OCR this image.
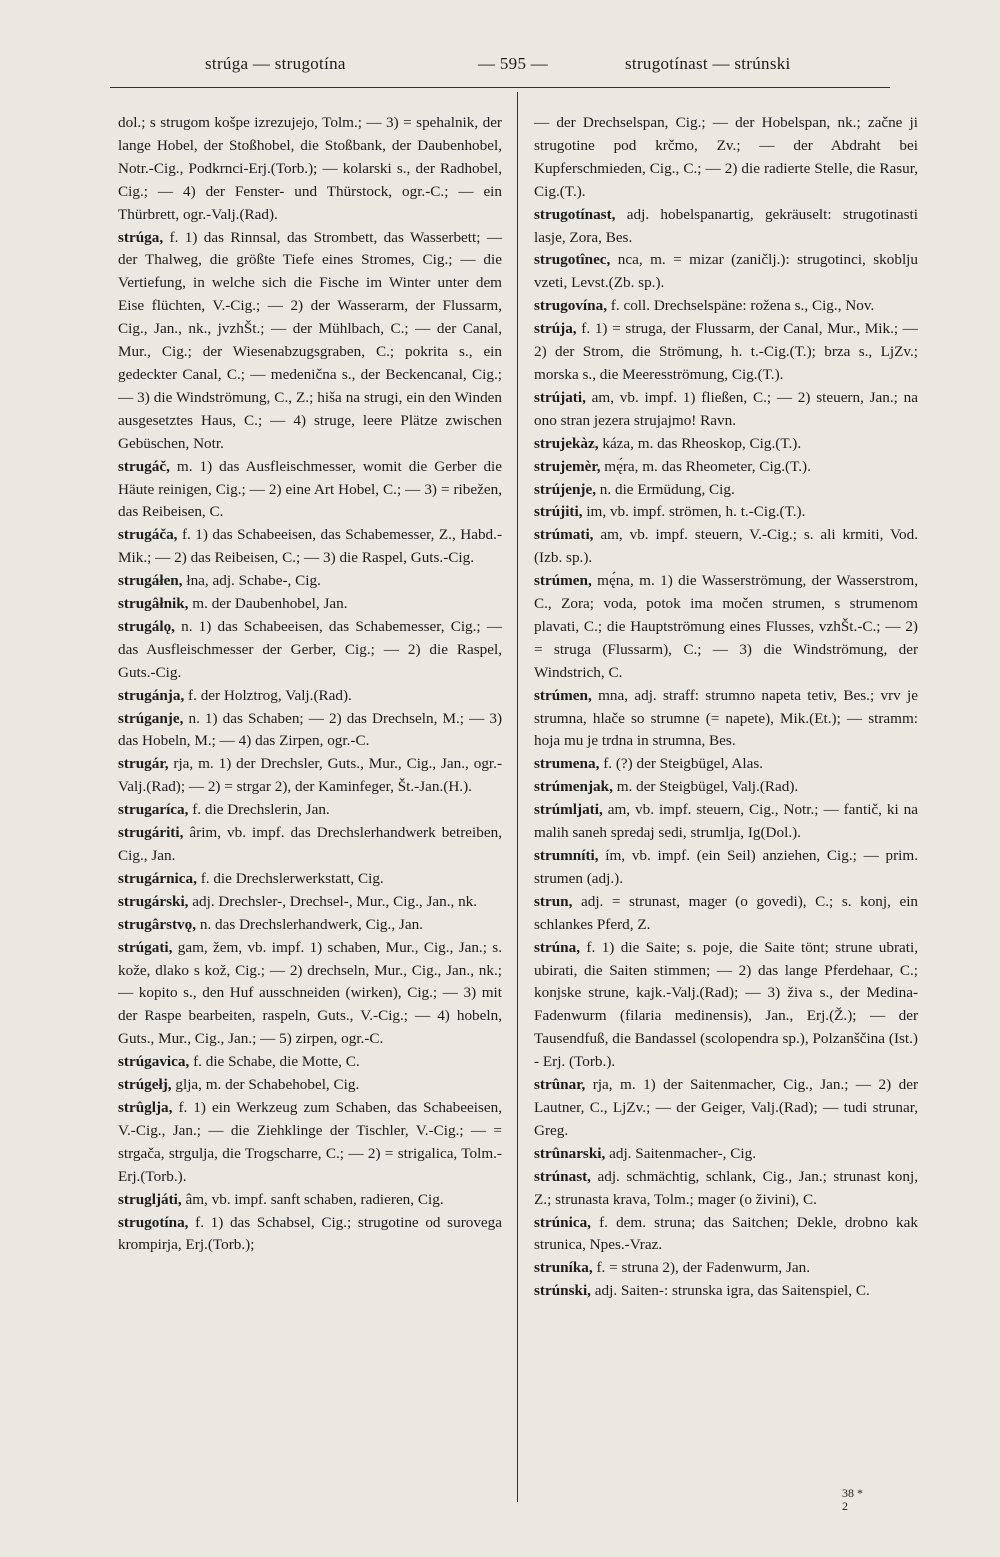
strúga — strugotína	— 595 —	strugotínast — strúnski

dol.; s strugom košpe izrezujejo, Tolm.; — 3) = spehalnik, der lange Hobel, der Stoßhobel, die Stoßbank, der Daubenhobel, Notr.-Cig., Podkrnci-Erj.(Torb.); — kolarski s., der Radhobel, Cig.; — 4) der Fenster- und Thürstock, ogr.-C.; — ein Thürbrett, ogr.-Valj.(Rad).

strúga, f. 1) das Rinnsal, das Strombett, das Wasserbett; — der Thalweg, die größte Tiefe eines Stromes, Cig.; — die Vertiefung, in welche sich die Fische im Winter unter dem Eise flüchten, V.-Cig.; — 2) der Wasserarm, der Flussarm, Cig., Jan., nk., jvzhŠt.; — der Mühlbach, C.; — der Canal, Mur., Cig.; der Wiesenabzugsgraben, C.; pokrita s., ein gedeckter Canal, C.; — medenična s., der Beckencanal, Cig.; — 3) die Windströmung, C., Z.; hiša na strugi, ein den Winden ausgesetztes Haus, C.; — 4) struge, leere Plätze zwischen Gebüschen, Notr.

strugáč, m. 1) das Ausfleischmesser, womit die Gerber die Häute reinigen, Cig.; — 2) eine Art Hobel, C.; — 3) = ribežen, das Reibeisen, C.

strugáča, f. 1) das Schabeeisen, das Schabemesser, Z., Habd.-Mik.; — 2) das Reibeisen, C.; — 3) die Raspel, Guts.-Cig.

strugáłen, łna, adj. Schabe-, Cig.

strugâłnik, m. der Daubenhobel, Jan.

strugálǫ, n. 1) das Schabeeisen, das Schabemesser, Cig.; — das Ausfleischmesser der Gerber, Cig.; — 2) die Raspel, Guts.-Cig.

strugánja, f. der Holztrog, Valj.(Rad).

strúganje, n. 1) das Schaben; — 2) das Drechseln, M.; — 3) das Hobeln, M.; — 4) das Zirpen, ogr.-C.

strugár, rja, m. 1) der Drechsler, Guts., Mur., Cig., Jan., ogr.-Valj.(Rad); — 2) = strgar 2), der Kaminfeger, Št.-Jan.(H.).

strugaríca, f. die Drechslerin, Jan.

strugáriti, ârim, vb. impf. das Drechslerhandwerk betreiben, Cig., Jan.

strugárnica, f. die Drechslerwerkstatt, Cig.

strugárski, adj. Drechsler-, Drechsel-, Mur., Cig., Jan., nk.

strugârstvǫ, n. das Drechslerhandwerk, Cig., Jan.

strúgati, gam, žem, vb. impf. 1) schaben, Mur., Cig., Jan.; s. kože, dlako s kož, Cig.; — 2) drechseln, Mur., Cig., Jan., nk.; — kopito s., den Huf ausschneiden (wirken), Cig.; — 3) mit der Raspe bearbeiten, raspeln, Guts., V.-Cig.; — 4) hobeln, Guts., Mur., Cig., Jan.; — 5) zirpen, ogr.-C.

strúgavica, f. die Schabe, die Motte, C.

strúgełj, glja, m. der Schabehobel, Cig.

strûglja, f. 1) ein Werkzeug zum Schaben, das Schabeeisen, V.-Cig., Jan.; — die Ziehklinge der Tischler, V.-Cig.; — = strgača, strgulja, die Trogscharre, C.; — 2) = strigalica, Tolm.-Erj.(Torb.).

strugljáti, âm, vb. impf. sanft schaben, radieren, Cig.

strugotína, f. 1) das Schabsel, Cig.; strugotine od surovega krompirja, Erj.(Torb.);

— der Drechselspan, Cig.; — der Hobelspan, nk.; začne ji strugotine pod krčmo, Zv.; — der Abdraht bei Kupferschmieden, Cig., C.; — 2) die radierte Stelle, die Rasur, Cig.(T.).

strugotínast, adj. hobelspanartig, gekräuselt: strugotinasti lasje, Zora, Bes.

strugotînec, nca, m. = mizar (zaničlj.): strugotinci, skoblju vzeti, Levst.(Zb. sp.).

strugovína, f. coll. Drechselspäne: rožena s., Cig., Nov.

strúja, f. 1) = struga, der Flussarm, der Canal, Mur., Mik.; — 2) der Strom, die Strömung, h. t.-Cig.(T.); brza s., LjZv.; morska s., die Meeresströmung, Cig.(T.).

strújati, am, vb. impf. 1) fließen, C.; — 2) steuern, Jan.; na ono stran jezera strujajmo! Ravn.

strujekàz, káza, m. das Rheoskop, Cig.(T.).

strujemèr, mę́ra, m. das Rheometer, Cig.(T.).

strújenje, n. die Ermüdung, Cig.

strújiti, im, vb. impf. strömen, h. t.-Cig.(T.).

strúmati, am, vb. impf. steuern, V.-Cig.; s. ali krmiti, Vod.(Izb. sp.).

strúmen, mę́na, m. 1) die Wasserströmung, der Wasserstrom, C., Zora; voda, potok ima močen strumen, s strumenom plavati, C.; die Hauptströmung eines Flusses, vzhŠt.-C.; — 2) = struga (Flussarm), C.; — 3) die Windströmung, der Windstrich, C.

strúmen, mna, adj. straff: strumno napeta tetiv, Bes.; vrv je strumna, hlače so strumne (= napete), Mik.(Et.); — stramm: hoja mu je trdna in strumna, Bes.

strumena, f. (?) der Steigbügel, Alas.

strúmenjak, m. der Steigbügel, Valj.(Rad).

strúmljati, am, vb. impf. steuern, Cig., Notr.; — fantič, ki na malih saneh spredaj sedi, strumlja, Ig(Dol.).

strumníti, ím, vb. impf. (ein Seil) anziehen, Cig.; — prim. strumen (adj.).

strun, adj. = strunast, mager (o govedi), C.; s. konj, ein schlankes Pferd, Z.

strúna, f. 1) die Saite; s. poje, die Saite tönt; strune ubrati, ubirati, die Saiten stimmen; — 2) das lange Pferdehaar, C.; konjske strune, kajk.-Valj.(Rad); — 3) živa s., der Medina-Fadenwurm (filaria medinensis), Jan., Erj.(Ž.); — der Tausendfuß, die Bandassel (scolopendra sp.), Polzanščina (Ist.) - Erj. (Torb.).

strûnar, rja, m. 1) der Saitenmacher, Cig., Jan.; — 2) der Lautner, C., LjZv.; — der Geiger, Valj.(Rad); — tudi strunar, Greg.

strûnarski, adj. Saitenmacher-, Cig.

strúnast, adj. schmächtig, schlank, Cig., Jan.; strunast konj, Z.; strunasta krava, Tolm.; mager (o živini), C.

strúnica, f. dem. struna; das Saitchen; Dekle, drobno kak strunica, Npes.-Vraz.

struníka, f. = struna 2), der Fadenwurm, Jan.

strúnski, adj. Saiten-: strunska igra, das Saitenspiel, C.

38 *
2
